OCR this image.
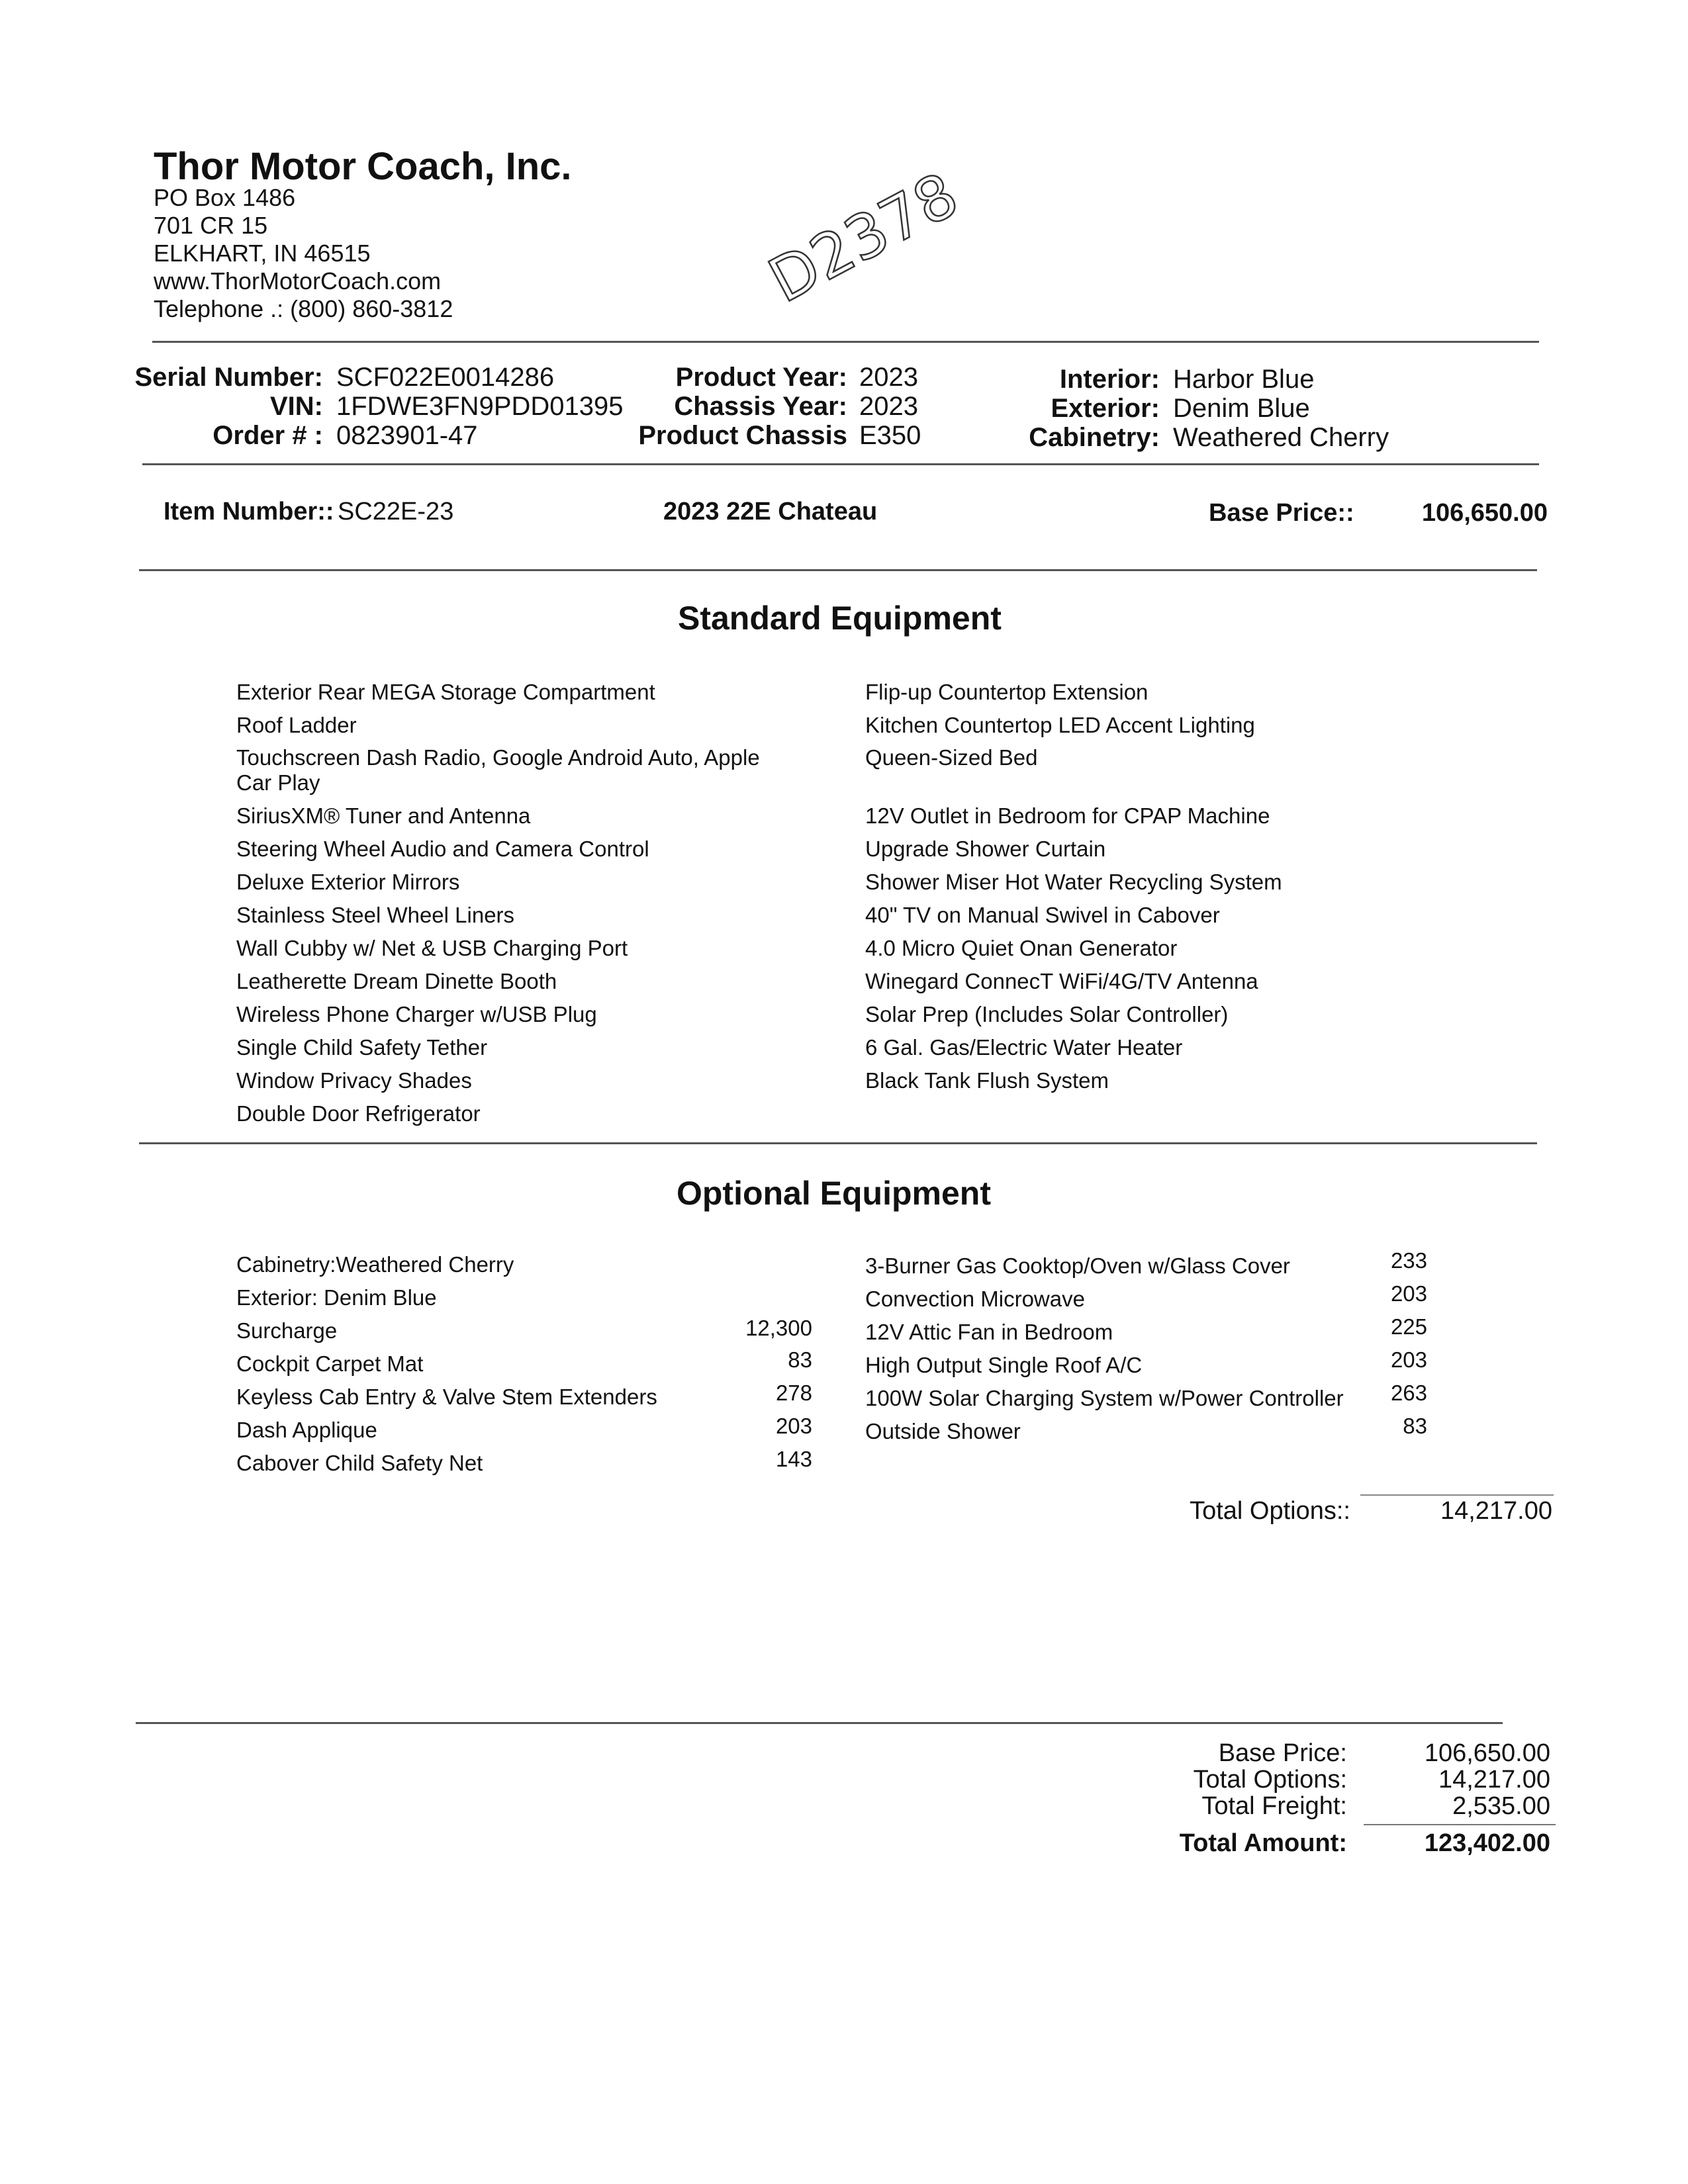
Thor Motor Coach, Inc.
PO Box 1486
701 CR 15
ELKHART, IN 46515
www.ThorMotorCoach.com
Telephone .: (800) 860-3812	D2378
Serial Number: SCF022E0014286
VIN: 1FDWE3FN9PDD01395
Order # : 0823901-47
Product Year: 2023
Chassis Year: 2023
Product Chassis E350
Interior: Harbor Blue
Exterior: Denim Blue
Cabinetry: Weathered Cherry
Item Number:: SC22E-23	2023 22E Chateau	Base Price::	106,650.00
Standard Equipment
Exterior Rear MEGA Storage Compartment
Roof Ladder
Touchscreen Dash Radio, Google Android Auto, Apple
Car Play
SiriusXM® Tuner and Antenna
Steering Wheel Audio and Camera Control
Deluxe Exterior Mirrors
Stainless Steel Wheel Liners
Wall Cubby w/ Net & USB Charging Port
Leatherette Dream Dinette Booth
Wireless Phone Charger w/USB Plug
Single Child Safety Tether
Window Privacy Shades
Double Door Refrigerator
Flip-up Countertop Extension
Kitchen Countertop LED Accent Lighting
Queen-Sized Bed
12V Outlet in Bedroom for CPAP Machine
Upgrade Shower Curtain
Shower Miser Hot Water Recycling System
40" TV on Manual Swivel in Cabover
4.0 Micro Quiet Onan Generator
Winegard ConnecT WiFi/4G/TV Antenna
Solar Prep (Includes Solar Controller)
6 Gal. Gas/Electric Water Heater
Black Tank Flush System
Optional Equipment
Cabinetry:Weathered Cherry
Exterior: Denim Blue
Surcharge	12,300
Cockpit Carpet Mat	83
Keyless Cab Entry & Valve Stem Extenders	278
Dash Applique	203
Cabover Child Safety Net	143
3-Burner Gas Cooktop/Oven w/Glass Cover	233
Convection Microwave	203
12V Attic Fan in Bedroom	225
High Output Single Roof A/C	203
100W Solar Charging System w/Power Controller	263
Outside Shower	83
Total Options::	14,217.00
Base Price:	106,650.00
Total Options:	14,217.00
Total Freight:	2,535.00
Total Amount:	123,402.00
